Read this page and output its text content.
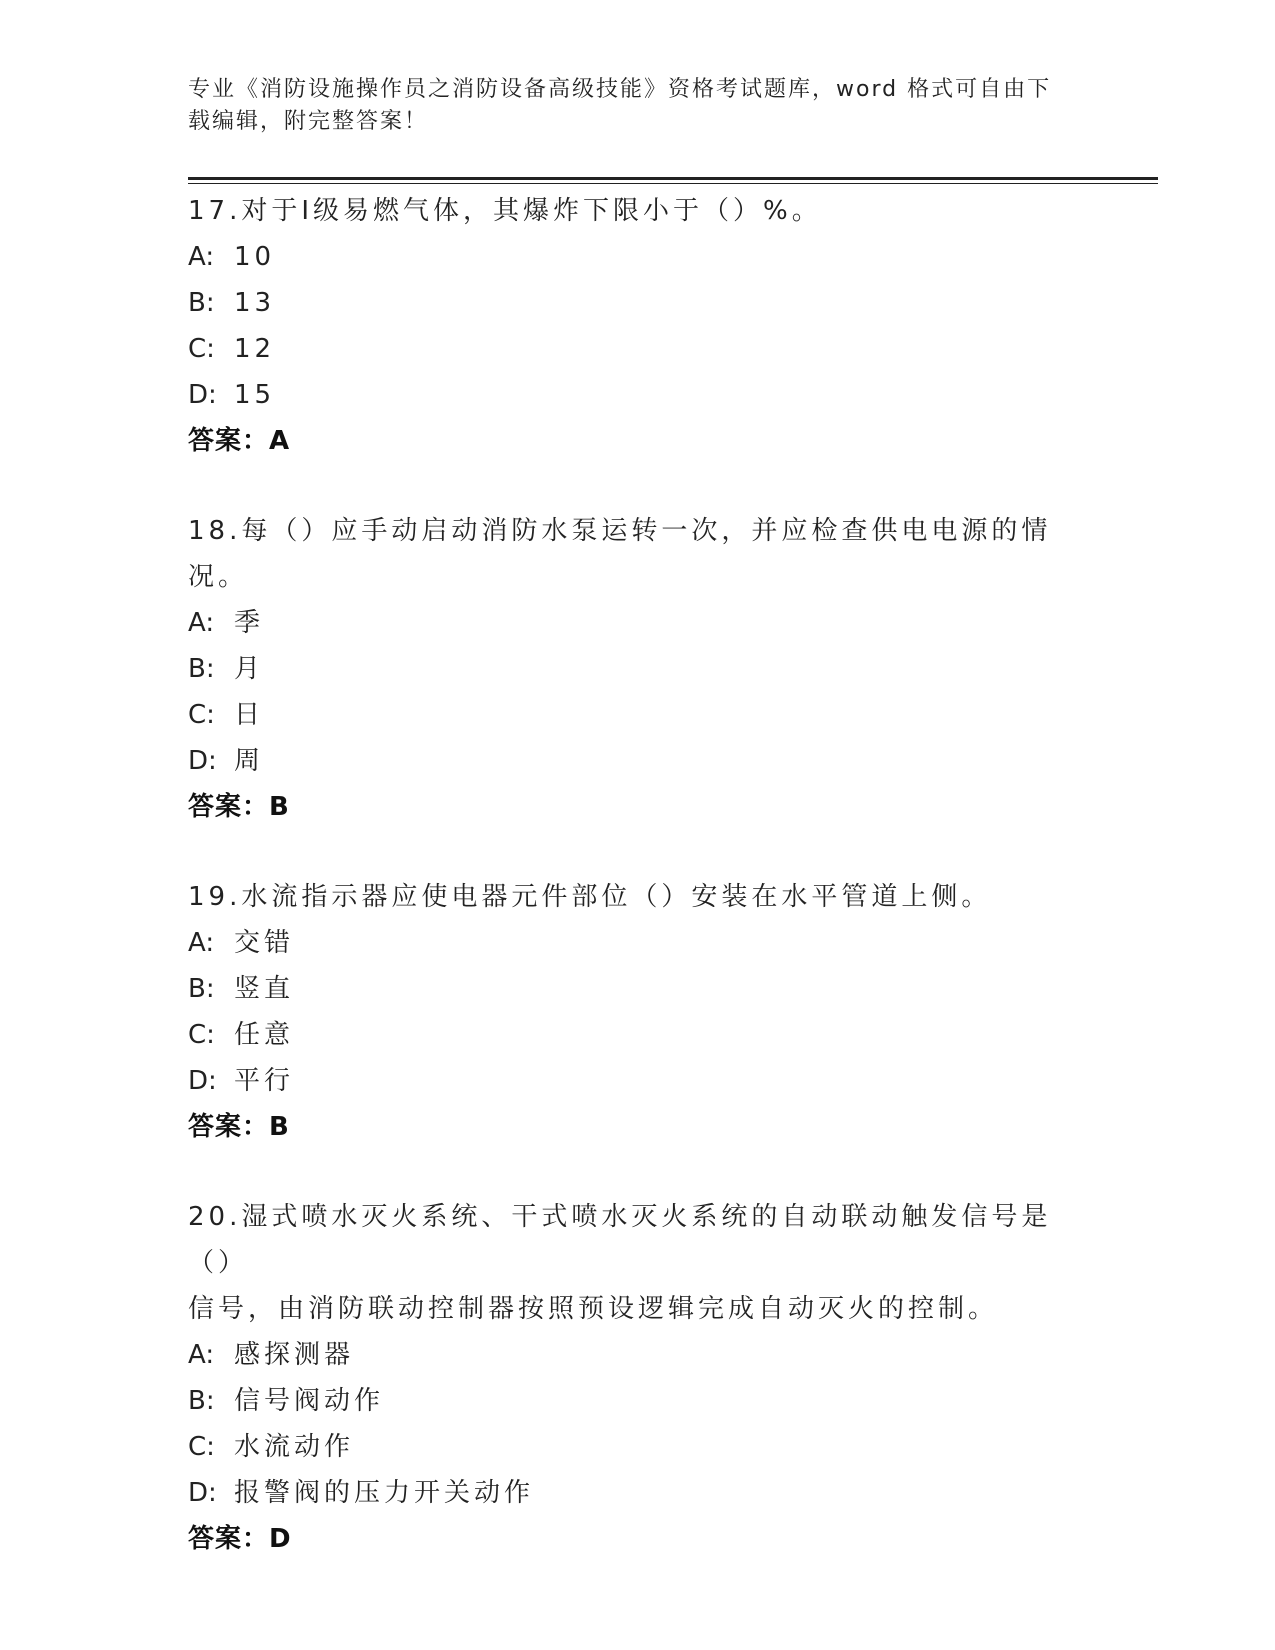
专业《消防设施操作员之消防设备高级技能》资格考试题库，word 格式可自由下
载编辑，附完整答案！

17.对于Ⅰ级易燃气体，其爆炸下限小于（）%。

A: 10
B: 13
C: 12
D: 15

答案：A

18.每（）应手动启动消防水泵运转一次，并应检查供电电源的情况。

A: 季
B: 月
C: 日
D: 周

答案：B

19.水流指示器应使电器元件部位（）安装在水平管道上侧。

A: 交错
B: 竖直
C: 任意
D: 平行

答案：B

20.湿式喷水灭火系统、干式喷水灭火系统的自动联动触发信号是（）

信号，由消防联动控制器按照预设逻辑完成自动灭火的控制。

A: 感探测器
B: 信号阀动作
C: 水流动作
D: 报警阀的压力开关动作

答案：D
